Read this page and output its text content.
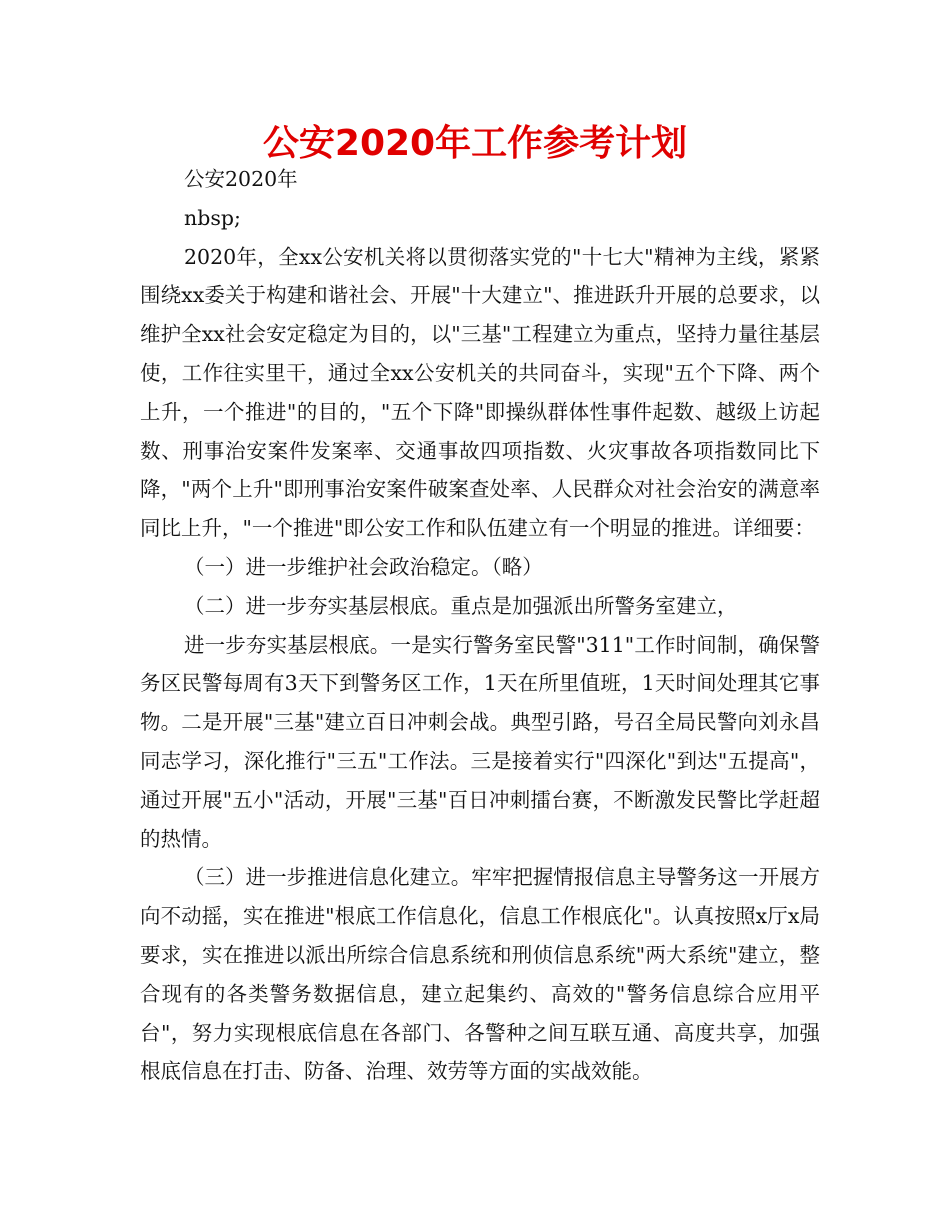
公安2020年工作参考计划

公安2020年

nbsp;

2020年，全xx公安机关将以贯彻落实党的"十七大"精神为主线，紧紧围绕xx委关于构建和谐社会、开展"十大建立"、推进跃升开展的总要求，以维护全xx社会安定稳定为目的，以"三基"工程建立为重点，坚持力量往基层使，工作往实里干，通过全xx公安机关的共同奋斗，实现"五个下降、两个上升，一个推进"的目的，"五个下降"即操纵群体性事件起数、越级上访起数、刑事治安案件发案率、交通事故四项指数、火灾事故各项指数同比下降，"两个上升"即刑事治安案件破案查处率、人民群众对社会治安的满意率同比上升，"一个推进"即公安工作和队伍建立有一个明显的推进。详细要：

（一）进一步维护社会政治稳定。（略）

（二）进一步夯实基层根底。重点是加强派出所警务室建立，

进一步夯实基层根底。一是实行警务室民警"311"工作时间制，确保警务区民警每周有3天下到警务区工作，1天在所里值班，1天时间处理其它事物。二是开展"三基"建立百日冲刺会战。典型引路，号召全局民警向刘永昌同志学习，深化推行"三五"工作法。三是接着实行"四深化"到达"五提高"，通过开展"五小"活动，开展"三基"百日冲刺擂台赛，不断激发民警比学赶超的热情。

（三）进一步推进信息化建立。牢牢把握情报信息主导警务这一开展方向不动摇，实在推进"根底工作信息化，信息工作根底化"。认真按照x厅x局要求，实在推进以派出所综合信息系统和刑侦信息系统"两大系统"建立，整合现有的各类警务数据信息，建立起集约、高效的"警务信息综合应用平台"，努力实现根底信息在各部门、各警种之间互联互通、高度共享，加强根底信息在打击、防备、治理、效劳等方面的实战效能。
